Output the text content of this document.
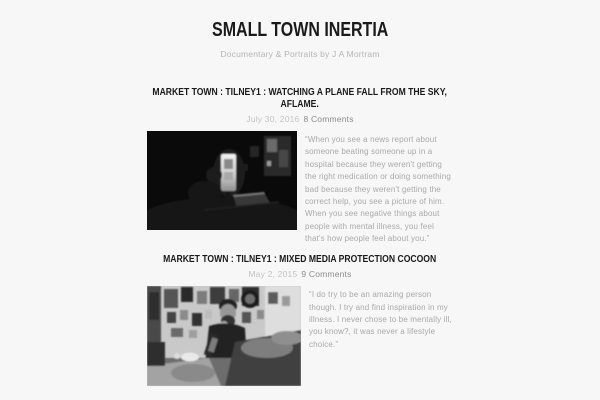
SMALL TOWN INERTIA

Documentary & Portraits by J A Mortram

MARKET TOWN : TILNEY1 : WATCHING A PLANE FALL FROM THE SKY, AFLAME.
July 30, 2016 8 Comments

“When you see a news report about someone beating someone up in a hospital because they weren't getting the right medication or doing something bad because they weren't getting the correct help, you see a picture of him. When you see negative things about people with mental illness, you feel that's how people feel about you.”

MARKET TOWN : TILNEY1 : MIXED MEDIA PROTECTION COCOON
May 2, 2015 9 Comments

“I do try to be an amazing person though. I try and find inspiration in my illness. I never chose to be mentally ill, you know?, it was never a lifestyle choice.”
